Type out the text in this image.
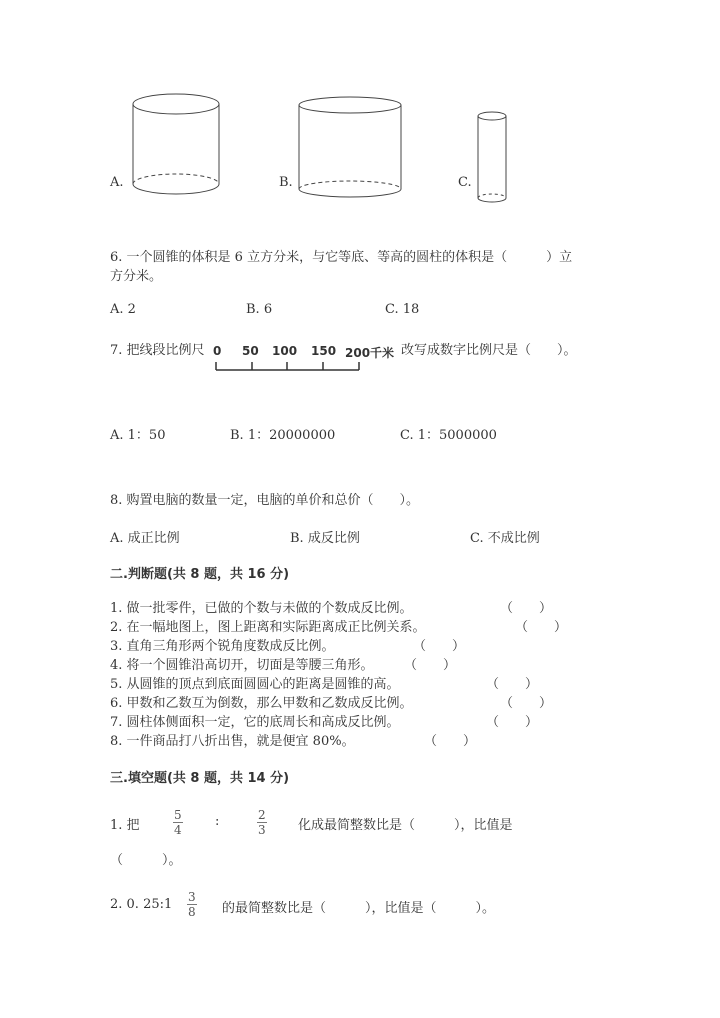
A.	B.	C.
6. 一个圆锥的体积是 6 立方分米，与它等底、等高的圆柱的体积是（　　　）立
方分米。
A. 2	B. 6	C. 18
7. 把线段比例尺 0 50 100 150 200千米 改写成数字比例尺是（　　）。
A. 1：50	B. 1：20000000	C. 1：5000000
8. 购置电脑的数量一定，电脑的单价和总价（　　）。
A. 成正比例	B. 成反比例	C. 不成比例
二.判断题(共 8 题，共 16 分)
1. 做一批零件，已做的个数与未做的个数成反比例。	（　　）
2. 在一幅地图上，图上距离和实际距离成正比例关系。	（　　）
3. 直角三角形两个锐角度数成反比例。	（　　）
4. 将一个圆锥沿高切开，切面是等腰三角形。 （　　）
5. 从圆锥的顶点到底面圆圆心的距离是圆锥的高。	（　　）
6. 甲数和乙数互为倒数，那么甲数和乙数成反比例。	（　　）
7. 圆柱体侧面积一定，它的底周长和高成反比例。	（　　）
8. 一件商品打八折出售，就是便宜 80%。	（　　）
三.填空题(共 8 题，共 14 分)
1. 把	$\frac{5}{4}$ :	$\frac{2}{3}$ 化成最简整数比是（　　　），比值是
（　　　）。
2. 0. 25:1 $\frac{3}{8}$ 的最简整数比是（　　　），比值是（　　　）。
